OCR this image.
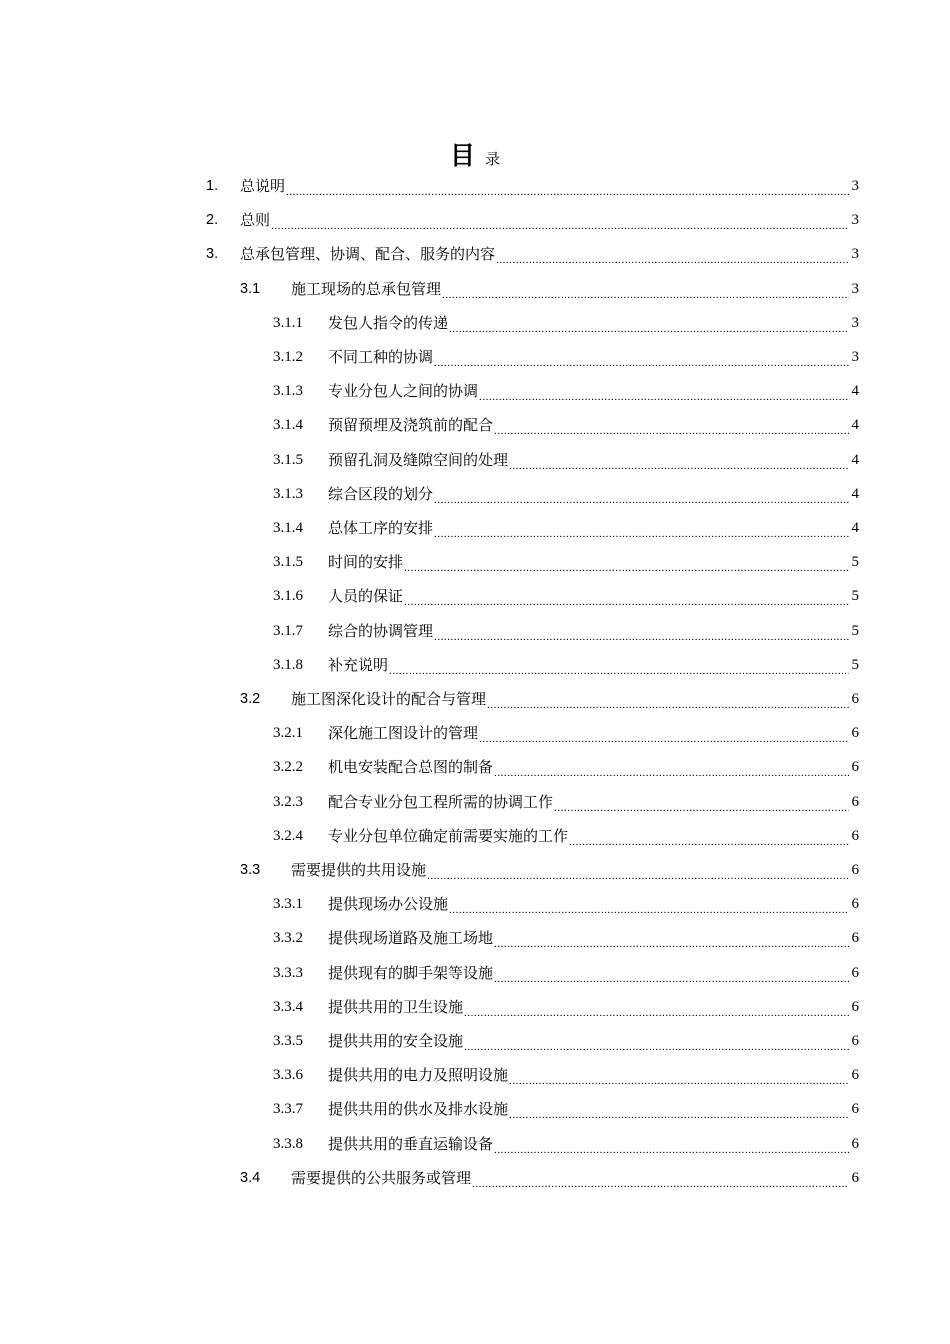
目录
1.	总说明 .....	3
2.	总则 .....	3
3.	总承包管理、协调、配合、服务的内容 .....	3
3.1	施工现场的总承包管理 .....	3
3.1.1	发包人指令的传递 .....	3
3.1.2	不同工种的协调 .....	3
3.1.3	专业分包人之间的协调 .....	4
3.1.4	预留预埋及浇筑前的配合 .....	4
3.1.5	预留孔洞及缝隙空间的处理 .....	4
3.1.3	综合区段的划分 .....	4
3.1.4	总体工序的安排 .....	4
3.1.5	时间的安排 .....	5
3.1.6	人员的保证 .....	5
3.1.7	综合的协调管理 .....	5
3.1.8	补充说明 .....	5
3.2	施工图深化设计的配合与管理 .....	6
3.2.1	深化施工图设计的管理 .....	6
3.2.2	机电安装配合总图的制备 .....	6
3.2.3	配合专业分包工程所需的协调工作 .....	6
3.2.4	专业分包单位确定前需要实施的工作 .....	6
3.3	需要提供的共用设施 .....	6
3.3.1	提供现场办公设施 .....	6
3.3.2	提供现场道路及施工场地 .....	6
3.3.3	提供现有的脚手架等设施 .....	6
3.3.4	提供共用的卫生设施 .....	6
3.3.5	提供共用的安全设施 .....	6
3.3.6	提供共用的电力及照明设施 .....	6
3.3.7	提供共用的供水及排水设施 .....	6
3.3.8	提供共用的垂直运输设备 .....	6
3.4	需要提供的公共服务或管理 .....	6
